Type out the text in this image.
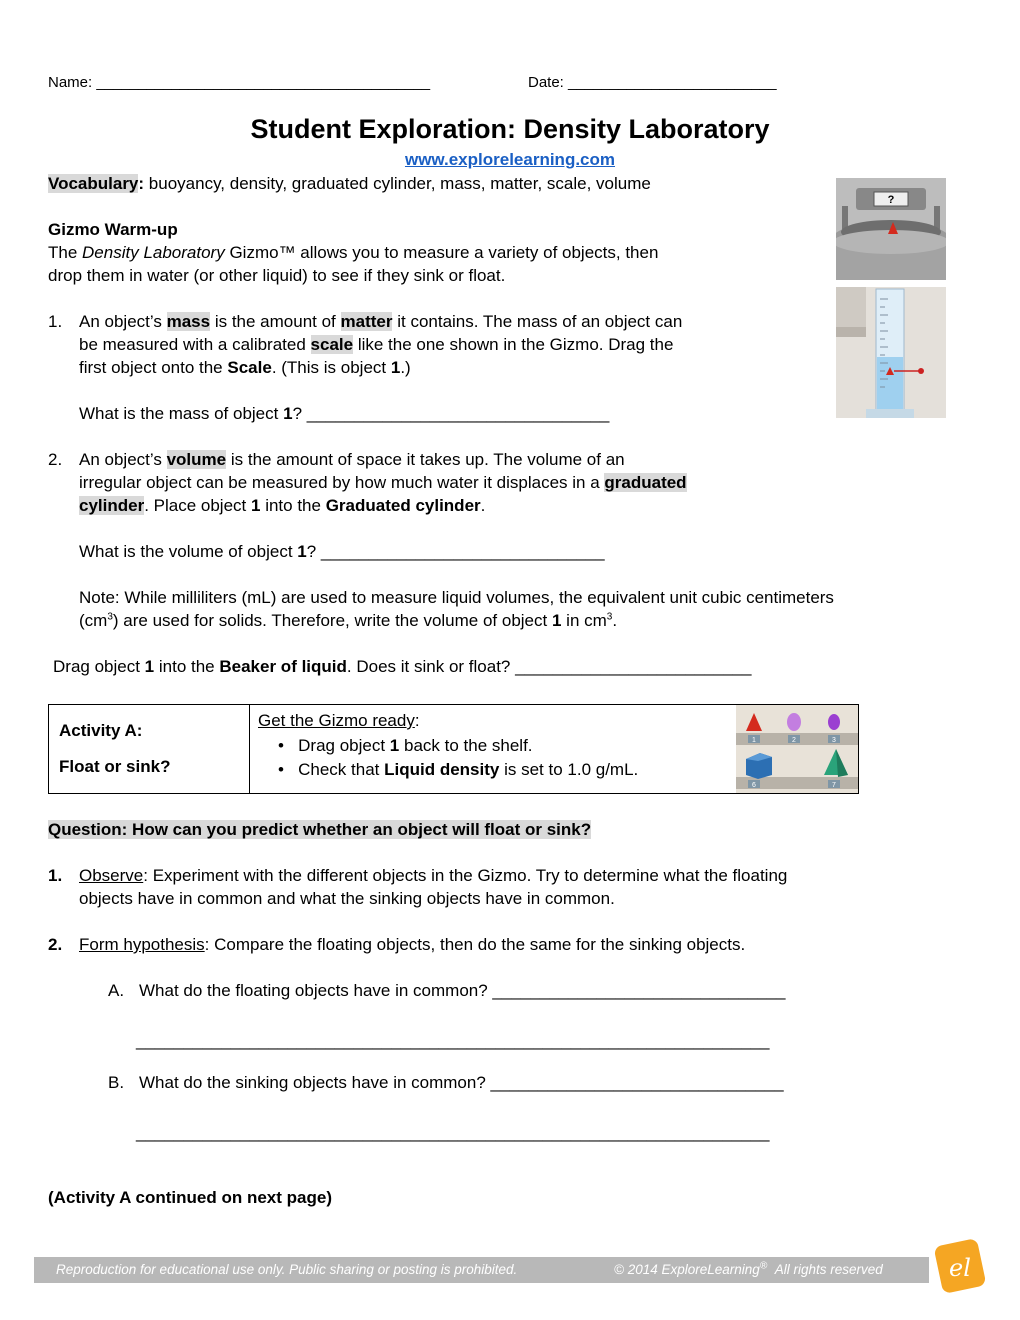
Name: ________________________________________	Date: _________________________
Student Exploration: Density Laboratory
www.explorelearning.com
Vocabulary: buoyancy, density, graduated cylinder, mass, matter, scale, volume
Gizmo Warm-up
The Density Laboratory Gizmo™ allows you to measure a variety of objects, then
drop them in water (or other liquid) to see if they sink or float.
?
1. An object’s mass is the amount of matter it contains. The mass of an object can
be measured with a calibrated scale like the one shown in the Gizmo. Drag the
first object onto the Scale. (This is object 1.)
What is the mass of object 1? ________________________________
2. An object’s volume is the amount of space it takes up. The volume of an
irregular object can be measured by how much water it displaces in a graduated
cylinder. Place object 1 into the Graduated cylinder.
What is the volume of object 1? ______________________________
Note: While milliliters (mL) are used to measure liquid volumes, the equivalent unit cubic centimeters
$(cm^3)$ are used for solids. Therefore, write the volume of object 1 in $cm^3$.
Drag object 1 into the Beaker of liquid. Does it sink or float? _________________________
Activity A:
Float or sink?

Get the Gizmo ready:
•   Drag object 1 back to the shelf.
•   Check that Liquid density is set to 1.0 g/mL.

1	2	3
6	7
Question: How can you predict whether an object will float or sink?
1. Observe: Experiment with the different objects in the Gizmo. Try to determine what the floating
objects have in common and what the sinking objects have in common.
2. Form hypothesis: Compare the floating objects, then do the same for the sinking objects.
A. What do the floating objects have in common? _______________________________
___________________________________________________________________
B. What do the sinking objects have in common? _______________________________
___________________________________________________________________
(Activity A continued on next page)
Reproduction for educational use only. Public sharing or posting is prohibited.	© 2014 ExploreLearning® All rights reserved	el
